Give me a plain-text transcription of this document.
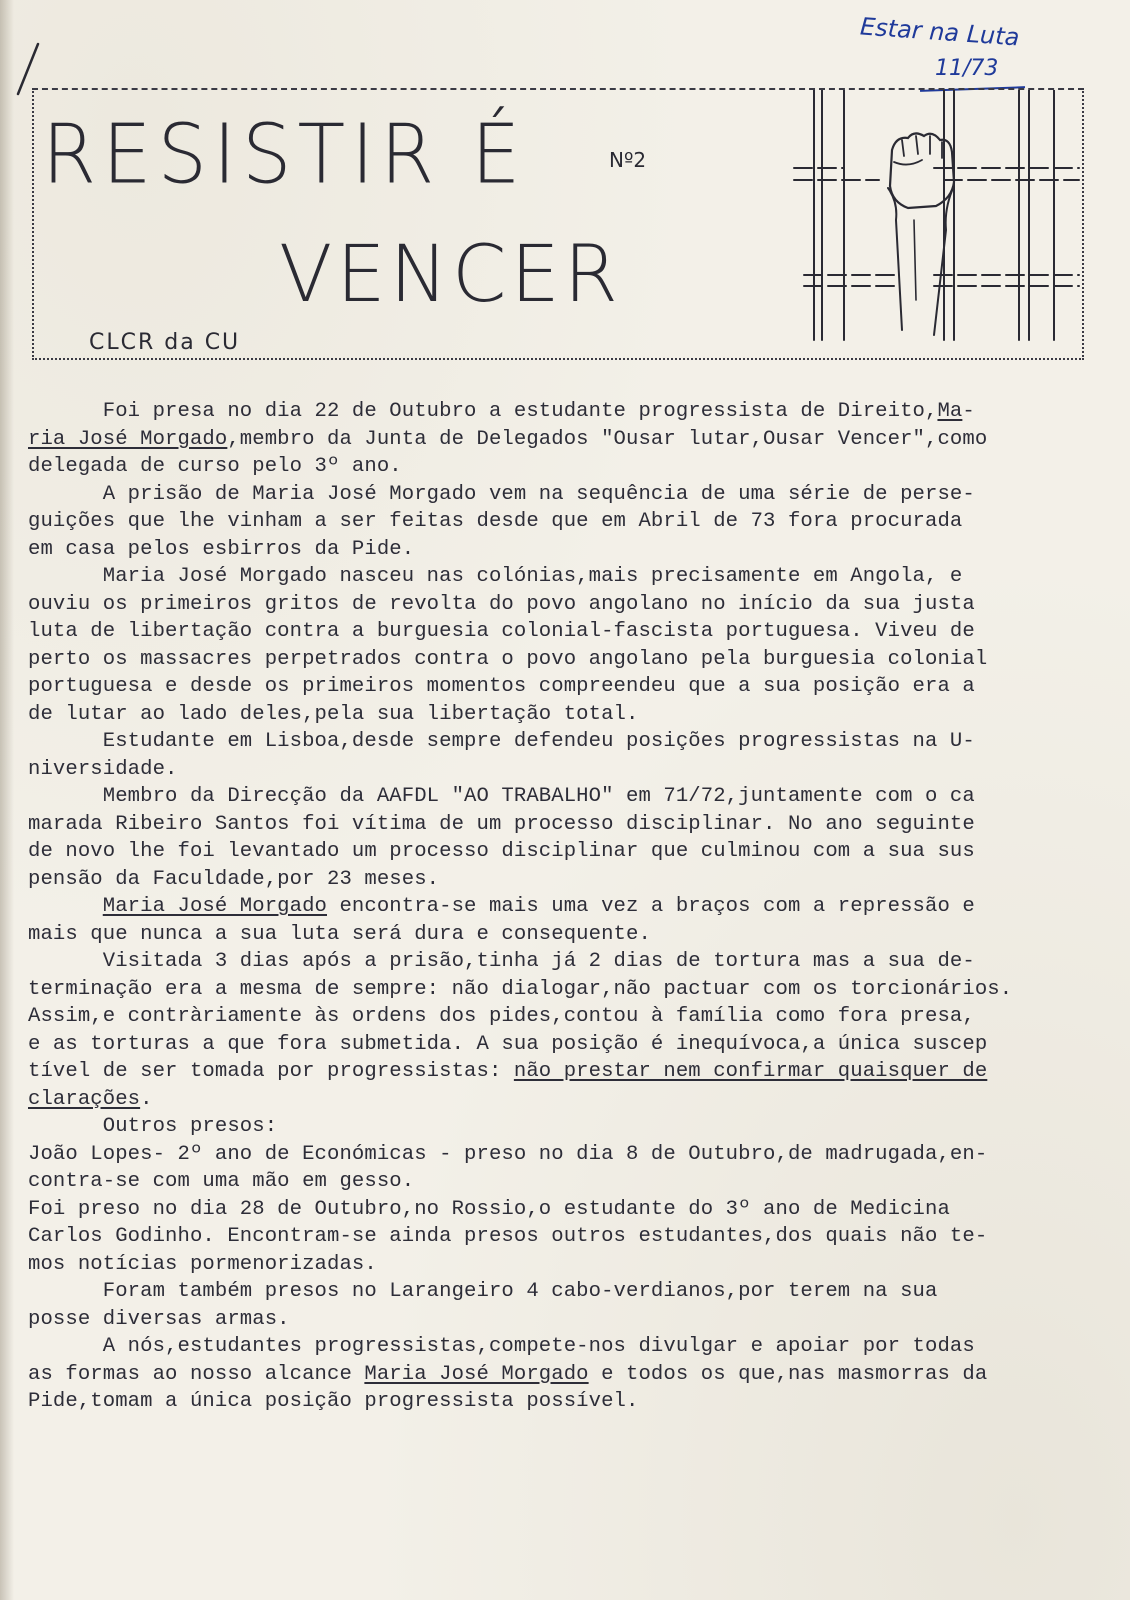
Estar na Luta
11/73
RESISTIR É	Nº2
VENCER
CLCR da CU
Foi presa no dia 22 de Outubro a estudante progressista de Direito,Ma-
ria José Morgado,membro da Junta de Delegados "Ousar lutar,Ousar Vencer",como
delegada de curso pelo 3º ano.
A prisão de Maria José Morgado vem na sequência de uma série de perse-
guições que lhe vinham a ser feitas desde que em Abril de 73 fora procurada
em casa pelos esbirros da Pide.
Maria José Morgado nasceu nas colónias,mais precisamente em Angola, e
ouviu os primeiros gritos de revolta do povo angolano no início da sua justa
luta de libertação contra a burguesia colonial-fascista portuguesa. Viveu de
perto os massacres perpetrados contra o povo angolano pela burguesia colonial
portuguesa e desde os primeiros momentos compreendeu que a sua posição era a
de lutar ao lado deles,pela sua libertação total.
Estudante em Lisboa,desde sempre defendeu posições progressistas na U-
niversidade.
Membro da Direcção da AAFDL "AO TRABALHO" em 71/72,juntamente com o ca
marada Ribeiro Santos foi vítima de um processo disciplinar. No ano seguinte
de novo lhe foi levantado um processo disciplinar que culminou com a sua sus
pensão da Faculdade,por 23 meses.
Maria José Morgado encontra-se mais uma vez a braços com a repressão e
mais que nunca a sua luta será dura e consequente.
Visitada 3 dias após a prisão,tinha já 2 dias de tortura mas a sua de-
terminação era a mesma de sempre: não dialogar,não pactuar com os torcionários.
Assim,e contràriamente às ordens dos pides,contou à família como fora presa,
e as torturas a que fora submetida. A sua posição é inequívoca,a única suscep
tível de ser tomada por progressistas: não prestar nem confirmar quaisquer de
clarações.
Outros presos:
João Lopes- 2º ano de Económicas - preso no dia 8 de Outubro,de madrugada,en-
contra-se com uma mão em gesso.
Foi preso no dia 28 de Outubro,no Rossio,o estudante do 3º ano de Medicina
Carlos Godinho. Encontram-se ainda presos outros estudantes,dos quais não te-
mos notícias pormenorizadas.
Foram também presos no Larangeiro 4 cabo-verdianos,por terem na sua
posse diversas armas.
A nós,estudantes progressistas,compete-nos divulgar e apoiar por todas
as formas ao nosso alcance Maria José Morgado e todos os que,nas masmorras da
Pide,tomam a única posição progressista possível.
